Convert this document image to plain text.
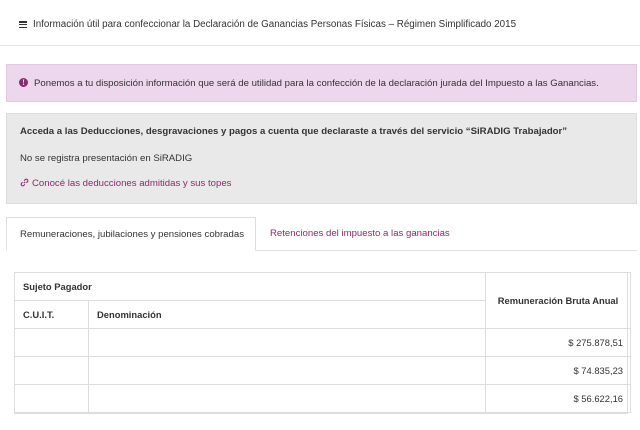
Información útil para confeccionar la Declaración de Ganancias Personas Físicas – Régimen Simplificado 2015
! Ponemos a tu disposición información que será de utilidad para la confección de la declaración jurada del Impuesto a las Ganancias.
Acceda a las Deducciones, desgravaciones y pagos a cuenta que declaraste a través del servicio “SiRADIG Trabajador”
No se registra presentación en SiRADIG
Conocé las deducciones admitidas y sus topes
Remuneraciones, jubilaciones y pensiones cobradas	Retenciones del impuesto a las ganancias
Sujeto Pagador		Remuneración Bruta Anual
C.U.I.T.	Denominación	
		$ 275.878,51
		$ 74.835,23
		$ 56.622,16
